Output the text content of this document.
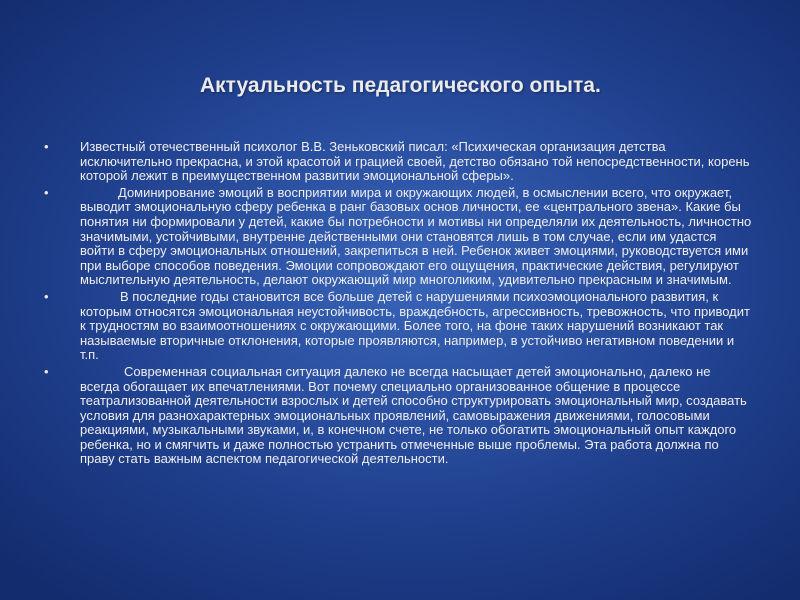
Актуальность педагогического опыта.
• Известный отечественный психолог В.В. Зеньковский писал: «Психическая организация детства исключительно прекрасна, и этой красотой и грацией своей, детство обязано той непосредственности, корень которой лежит в преимущественном развитии эмоциональной сферы».
•	Доминирование эмоций в восприятии мира и окружающих людей, в осмыслении всего, что окружает, выводит эмоциональную сферу ребенка в ранг базовых основ личности, ее «центрального звена». Какие бы понятия ни формировали у детей, какие бы потребности и мотивы ни определяли их деятельность, личностно значимыми, устойчивыми, внутренне действенными они становятся лишь в том случае, если им удастся войти в сферу эмоциональных отношений, закрепиться в ней. Ребенок живет эмоциями, руководствуется ими при выборе способов поведения. Эмоции сопровождают его ощущения, практические действия, регулируют мыслительную деятельность, делают окружающий мир многоликим, удивительно прекрасным и значимым.
•	В последние годы становится все больше детей с нарушениями психоэмоционального развития, к которым относятся эмоциональная неустойчивость, враждебность, агрессивность, тревожность, что приводит к трудностям во взаимоотношениях с окружающими. Более того, на фоне таких нарушений возникают так называемые вторичные отклонения, которые проявляются, например, в устойчиво негативном поведении и т.п.
•	Современная социальная ситуация далеко не всегда насыщает детей эмоционально, далеко не всегда обогащает их впечатлениями. Вот почему специально организованное общение в процессе театрализованной деятельности взрослых и детей способно структурировать эмоциональный мир, создавать условия для разнохарактерных эмоциональных проявлений, самовыражения движениями, голосовыми реакциями, музыкальными звуками, и, в конечном счете, не только обогатить эмоциональный опыт каждого ребенка, но и смягчить и даже полностью устранить отмеченные выше проблемы. Эта работа должна по праву стать важным аспектом педагогической деятельности.
